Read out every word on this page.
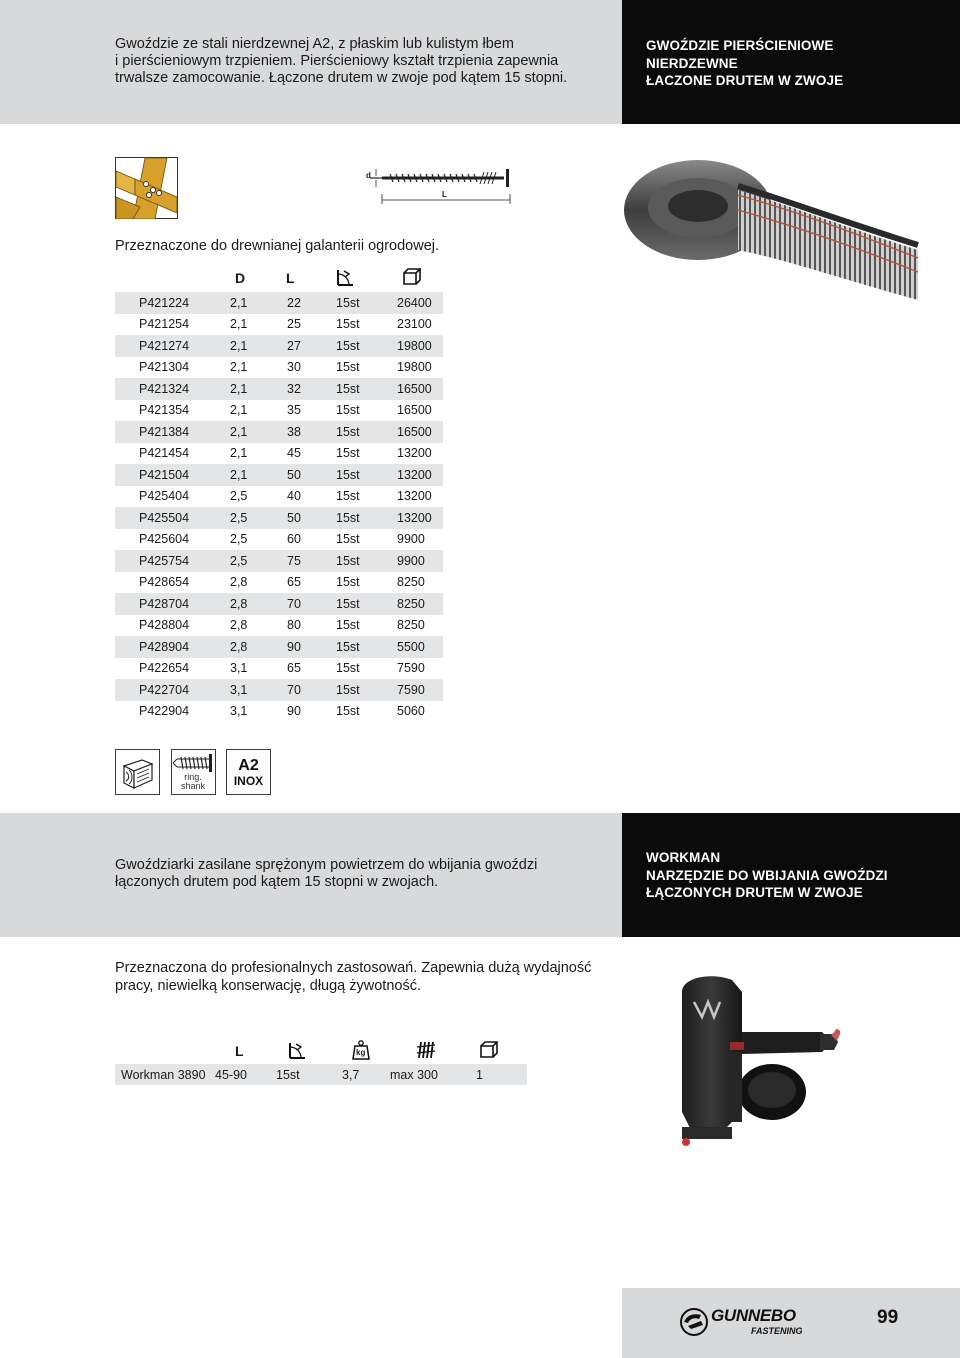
Gwoździe ze stali nierdzewnej A2, z płaskim lub kulistym łbem
i pierścieniowym trzpieniem. Pierścieniowy kształt trzpienia zapewnia
trwalsze zamocowanie. Łączone drutem w zwoje pod kątem 15 stopni.
GWOŹDZIE PIERŚCIENIOWE
NIERDZEWNE
ŁACZONE DRUTEM W ZWOJE
d
L
Przeznaczone do drewnianej galanterii ogrodowej.
D	L
P421224	2,1	22	15st	26400
P421254	2,1	25	15st	23100
P421274	2,1	27	15st	19800
P421304	2,1	30	15st	19800
P421324	2,1	32	15st	16500
P421354	2,1	35	15st	16500
P421384	2,1	38	15st	16500
P421454	2,1	45	15st	13200
P421504	2,1	50	15st	13200
P425404	2,5	40	15st	13200
P425504	2,5	50	15st	13200
P425604	2,5	60	15st	9900
P425754	2,5	75	15st	9900
P428654	2,8	65	15st	8250
P428704	2,8	70	15st	8250
P428804	2,8	80	15st	8250
P428904	2,8	90	15st	5500
P422654	3,1	65	15st	7590
P422704	3,1	70	15st	7590
P422904	3,1	90	15st	5060
ring.
shank
A2
INOX
Gwoździarki zasilane sprężonym powietrzem do wbijania gwoździ
łączonych drutem pod kątem 15 stopni w zwojach.
WORKMAN
NARZĘDZIE DO WBIJANIA GWOŹDZI
ŁĄCZONYCH DRUTEM W ZWOJE
Przeznaczona do profesionalnych zastosowań. Zapewnia dużą wydajność
pracy, niewielką konserwację, długą żywotność.
L	kg
Workman 3890	45-90	15st	3,7	max 300	1
GUNNEBO
FASTENING
99
